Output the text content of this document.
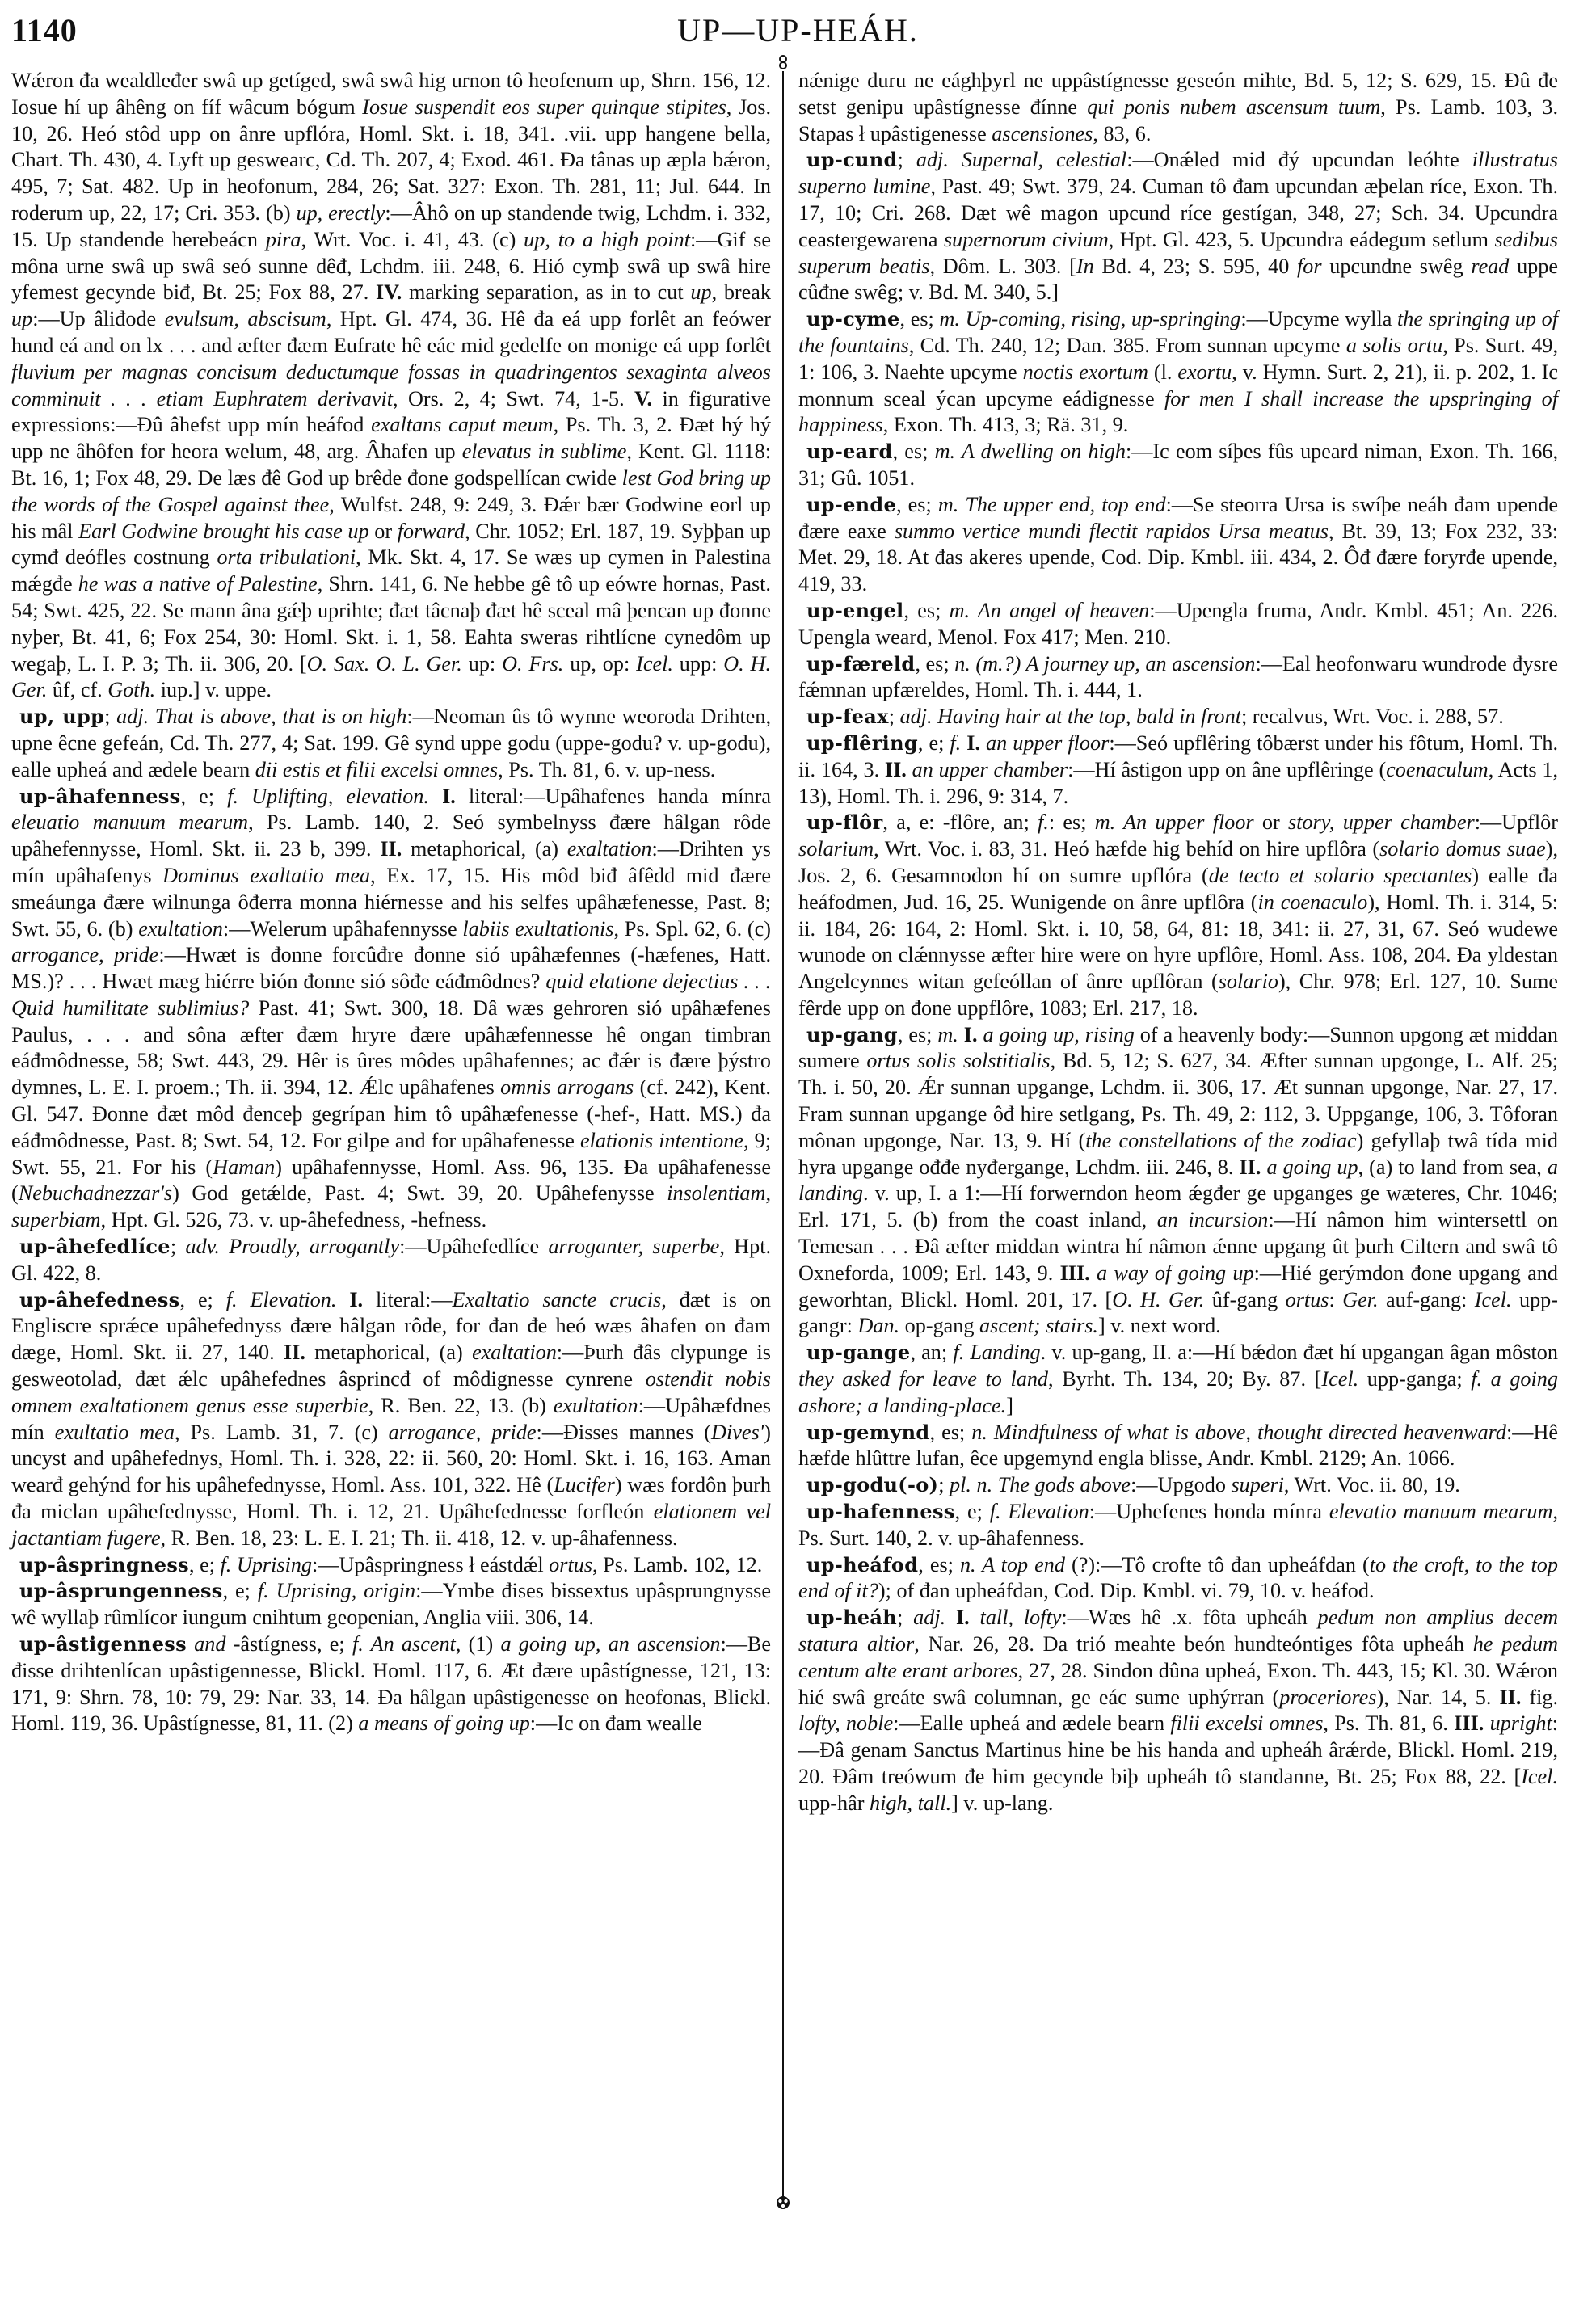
1140	UP—UP-HEÁH.

Wǽron đa wealdleđer swâ up getíged, swâ swâ hig urnon tô heofenum up, Shrn. 156, 12. Iosue hí up âhêng on fíf wâcum bógum Iosue suspendit eos super quinque stipites, Jos. 10, 26. Heó stôd upp on ânre upflóra, Homl. Skt. i. 18, 341. .vii. upp hangene bella, Chart. Th. 430, 4. Lyft up geswearc, Cd. Th. 207, 4; Exod. 461. Đa tânas up æpla bǽron, 495, 7; Sat. 482. Up in heofonum, 284, 26; Sat. 327: Exon. Th. 281, 11; Jul. 644. In roderum up, 22, 17; Cri. 353. (b) up, erectly:—Âhô on up standende twig, Lchdm. i. 332, 15. Up standende herebeácn pira, Wrt. Voc. i. 41, 43. (c) up, to a high point:—Gif se môna urne swâ up swâ seó sunne dêđ, Lchdm. iii. 248, 6. Hió cymþ swâ up swâ hire yfemest gecynde biđ, Bt. 25; Fox 88, 27. IV. marking separation, as in to cut up, break up:—Up âliđode evulsum, abscisum, Hpt. Gl. 474, 36. Hê đa eá upp forlêt an feówer hund eá and on lx . . . and æfter đæm Eufrate hê eác mid gedelfe on monige eá upp forlêt fluvium per magnas concisum deductumque fossas in quadringentos sexaginta alveos comminuit . . . etiam Euphratem derivavit, Ors. 2, 4; Swt. 74, 1-5. V. in figurative expressions:—Đû âhefst upp mín heáfod exaltans caput meum, Ps. Th. 3, 2. Đæt hý hý upp ne âhôfen for heora welum, 48, arg. Âhafen up elevatus in sublime, Kent. Gl. 1118: Bt. 16, 1; Fox 48, 29. Đe læs đê God up brêde đone godspellícan cwide lest God bring up the words of the Gospel against thee, Wulfst. 248, 9: 249, 3. Đǽr bær Godwine eorl up his mâl Earl Godwine brought his case up or forward, Chr. 1052; Erl. 187, 19. Syþþan up cymđ deófles costnung orta tribulationi, Mk. Skt. 4, 17. Se wæs up cymen in Palestina mǽgđe he was a native of Palestine, Shrn. 141, 6. Ne hebbe gê tô up eówre hornas, Past. 54; Swt. 425, 22. Se mann âna gǽþ uprihte; đæt tâcnaþ đæt hê sceal mâ þencan up đonne nyþer, Bt. 41, 6; Fox 254, 30: Homl. Skt. i. 1, 58. Eahta sweras rihtlícne cynedôm up wegaþ, L. I. P. 3; Th. ii. 306, 20. [O. Sax. O. L. Ger. up: O. Frs. up, op: Icel. upp: O. H. Ger. ûf, cf. Goth. iup.] v. uppe.

up, upp; adj. That is above, that is on high:—Neoman ûs tô wynne weoroda Drihten, upne êcne gefeán, Cd. Th. 277, 4; Sat. 199. Gê synd uppe godu (uppe-godu? v. up-godu), ealle upheá and ædele bearn dii estis et filii excelsi omnes, Ps. Th. 81, 6. v. up-ness.

up-âhafenness, e; f. Uplifting, elevation. I. literal:—Upâhafenes handa mínra eleuatio manuum mearum, Ps. Lamb. 140, 2. Seó symbelnyss đære hâlgan rôde upâhefennysse, Homl. Skt. ii. 23 b, 399. II. metaphorical, (a) exaltation:—Drihten ys mín upâhafenys Dominus exaltatio mea, Ex. 17, 15. His môd biđ âfêdd mid đære smeáunga đære wilnunga ôđerra monna hiérnesse and his selfes upâhæfenesse, Past. 8; Swt. 55, 6. (b) exultation:—Welerum upâhafennysse labiis exultationis, Ps. Spl. 62, 6. (c) arrogance, pride:—Hwæt is đonne forcûđre đonne sió upâhæfennes (-hæfenes, Hatt. MS.)? . . . Hwæt mæg hiérre bión đonne sió sôđe eáđmôdnes? quid elatione dejectius . . . Quid humilitate sublimius? Past. 41; Swt. 300, 18. Đâ wæs gehroren sió upâhæfenes Paulus, . . . and sôna æfter đæm hryre đære upâhæfennesse hê ongan timbran eáđmôdnesse, 58; Swt. 443, 29. Hêr is ûres môdes upâhafennes; ac đǽr is đære þýstro dymnes, L. E. I. proem.; Th. ii. 394, 12. Ǽlc upâhafenes omnis arrogans (cf. 242), Kent. Gl. 547. Đonne đæt môd đenceþ gegrípan him tô upâhæfenesse (-hef-, Hatt. MS.) đa eáđmôdnesse, Past. 8; Swt. 54, 12. For gilpe and for upâhafenesse elationis intentione, 9; Swt. 55, 21. For his (Haman) upâhafennysse, Homl. Ass. 96, 135. Đa upâhafenesse (Nebuchadnezzar's) God getǽlde, Past. 4; Swt. 39, 20. Upâhefenysse insolentiam, superbiam, Hpt. Gl. 526, 73. v. up-âhefedness, -hefness.

up-âhefedlíce; adv. Proudly, arrogantly:—Upâhefedlíce arroganter, superbe, Hpt. Gl. 422, 8.

up-âhefedness, e; f. Elevation. I. literal:—Exaltatio sancte crucis, đæt is on Engliscre sprǽce upâhefednyss đære hâlgan rôde, for đan đe heó wæs âhafen on đam dæge, Homl. Skt. ii. 27, 140. II. metaphorical, (a) exaltation:—Þurh đâs clypunge is gesweotolad, đæt ǽlc upâhefednes âsprincđ of môdignesse cynrene ostendit nobis omnem exaltationem genus esse superbie, R. Ben. 22, 13. (b) exultation:—Upâhæfdnes mín exultatio mea, Ps. Lamb. 31, 7. (c) arrogance, pride:—Đisses mannes (Dives') uncyst and upâhefednys, Homl. Th. i. 328, 22: ii. 560, 20: Homl. Skt. i. 16, 163. Aman wearđ gehýnd for his upâhefednysse, Homl. Ass. 101, 322. Hê (Lucifer) wæs fordôn þurh đa miclan upâhefednysse, Homl. Th. i. 12, 21. Upâhefednesse forfleón elationem vel jactantiam fugere, R. Ben. 18, 23: L. E. I. 21; Th. ii. 418, 12. v. up-âhafenness.

up-âspringness, e; f. Uprising:—Upâspringness ł eástdǽl ortus, Ps. Lamb. 102, 12.

up-âsprungenness, e; f. Uprising, origin:—Ymbe đises bissextus upâsprungnysse wê wyllaþ rûmlícor iungum cnihtum geopenian, Anglia viii. 306, 14.

up-âstigenness and -âstígness, e; f. An ascent, (1) a going up, an ascension:—Be đisse drihtenlícan upâstigennesse, Blickl. Homl. 117, 6. Æt đære upâstígnesse, 121, 13: 171, 9: Shrn. 78, 10: 79, 29: Nar. 33, 14. Đa hâlgan upâstigenesse on heofonas, Blickl. Homl. 119, 36. Upâstígnesse, 81, 11. (2) a means of going up:—Ic on đam wealle

nǽnige duru ne eághþyrl ne uppâstígnesse geseón mihte, Bd. 5, 12; S. 629, 15. Đû đe setst genipu upâstígnesse đínne qui ponis nubem ascensum tuum, Ps. Lamb. 103, 3. Stapas ł upâstigenesse ascensiones, 83, 6.

up-cund; adj. Supernal, celestial:—Onǽled mid đý upcundan leóhte illustratus superno lumine, Past. 49; Swt. 379, 24. Cuman tô đam upcundan æþelan ríce, Exon. Th. 17, 10; Cri. 268. Đæt wê magon upcund ríce gestígan, 348, 27; Sch. 34. Upcundra ceastergewarena supernorum civium, Hpt. Gl. 423, 5. Upcundra eádegum setlum sedibus superum beatis, Dôm. L. 303. [In Bd. 4, 23; S. 595, 40 for upcundne swêg read uppe cûđne swêg; v. Bd. M. 340, 5.]

up-cyme, es; m. Up-coming, rising, up-springing:—Upcyme wylla the springing up of the fountains, Cd. Th. 240, 12; Dan. 385. From sunnan upcyme a solis ortu, Ps. Surt. 49, 1: 106, 3. Naehte upcyme noctis exortum (l. exortu, v. Hymn. Surt. 2, 21), ii. p. 202, 1. Ic monnum sceal ýcan upcyme eádignesse for men I shall increase the upspringing of happiness, Exon. Th. 413, 3; Rä. 31, 9.

up-eard, es; m. A dwelling on high:—Ic eom síþes fûs upeard niman, Exon. Th. 166, 31; Gû. 1051.

up-ende, es; m. The upper end, top end:—Se steorra Ursa is swíþe neáh đam upende đære eaxe summo vertice mundi flectit rapidos Ursa meatus, Bt. 39, 13; Fox 232, 33: Met. 29, 18. At đas akeres upende, Cod. Dip. Kmbl. iii. 434, 2. Ôđ đære foryrđe upende, 419, 33.

up-engel, es; m. An angel of heaven:—Upengla fruma, Andr. Kmbl. 451; An. 226. Upengla weard, Menol. Fox 417; Men. 210.

up-færeld, es; n. (m.?) A journey up, an ascension:—Eal heofonwaru wundrode đysre fǽmnan upfæreldes, Homl. Th. i. 444, 1.

up-feax; adj. Having hair at the top, bald in front; recalvus, Wrt. Voc. i. 288, 57.

up-flêring, e; f. I. an upper floor:—Seó upflêring tôbærst under his fôtum, Homl. Th. ii. 164, 3. II. an upper chamber:—Hí âstigon upp on âne upflêringe (coenaculum, Acts 1, 13), Homl. Th. i. 296, 9: 314, 7.

up-flôr, a, e: -flôre, an; f.: es; m. An upper floor or story, upper chamber:—Upflôr solarium, Wrt. Voc. i. 83, 31. Heó hæfde hig behíd on hire upflôra (solario domus suae), Jos. 2, 6. Gesamnodon hí on sumre upflóra (de tecto et solario spectantes) ealle đa heáfodmen, Jud. 16, 25. Wunigende on ânre upflôra (in coenaculo), Homl. Th. i. 314, 5: ii. 184, 26: 164, 2: Homl. Skt. i. 10, 58, 64, 81: 18, 341: ii. 27, 31, 67. Seó wudewe wunode on clǽnnysse æfter hire were on hyre upflôre, Homl. Ass. 108, 204. Đa yldestan Angelcynnes witan gefeóllan of ânre upflôran (solario), Chr. 978; Erl. 127, 10. Sume fêrde upp on đone uppflôre, 1083; Erl. 217, 18.

up-gang, es; m. I. a going up, rising of a heavenly body:—Sunnon upgong æt middan sumere ortus solis solstitialis, Bd. 5, 12; S. 627, 34. Æfter sunnan upgonge, L. Alf. 25; Th. i. 50, 20. Ǽr sunnan upgange, Lchdm. ii. 306, 17. Æt sunnan upgonge, Nar. 27, 17. Fram sunnan upgange ôđ hire setlgang, Ps. Th. 49, 2: 112, 3. Uppgange, 106, 3. Tôforan mônan upgonge, Nar. 13, 9. Hí (the constellations of the zodiac) gefyllaþ twâ tída mid hyra upgange ođđe nyđergange, Lchdm. iii. 246, 8. II. a going up, (a) to land from sea, a landing. v. up, I. a 1:—Hí forwerndon heom ǽgđer ge upganges ge wæteres, Chr. 1046; Erl. 171, 5. (b) from the coast inland, an incursion:—Hí nâmon him wintersettl on Temesan . . . Đâ æfter middan wintra hí nâmon ǽnne upgang ût þurh Ciltern and swâ tô Oxneforda, 1009; Erl. 143, 9. III. a way of going up:—Hié gerýmdon đone upgang and geworhtan, Blickl. Homl. 201, 17. [O. H. Ger. ûf-gang ortus: Ger. auf-gang: Icel. upp-gangr: Dan. op-gang ascent; stairs.] v. next word.

up-gange, an; f. Landing. v. up-gang, II. a:—Hí bǽdon đæt hí upgangan âgan môston they asked for leave to land, Byrht. Th. 134, 20; By. 87. [Icel. upp-ganga; f. a going ashore; a landing-place.]

up-gemynd, es; n. Mindfulness of what is above, thought directed heavenward:—Hê hæfde hlûttre lufan, êce upgemynd engla blisse, Andr. Kmbl. 2129; An. 1066.

up-godu(-o); pl. n. The gods above:—Upgodo superi, Wrt. Voc. ii. 80, 19.

up-hafenness, e; f. Elevation:—Uphefenes honda mínra elevatio manuum mearum, Ps. Surt. 140, 2. v. up-âhafenness.

up-heáfod, es; n. A top end (?):—Tô crofte tô đan upheáfdan (to the croft, to the top end of it?); of đan upheáfdan, Cod. Dip. Kmbl. vi. 79, 10. v. heáfod.

up-heáh; adj. I. tall, lofty:—Wæs hê .x. fôta upheáh pedum non amplius decem statura altior, Nar. 26, 28. Đa trió meahte beón hundteóntiges fôta upheáh he pedum centum alte erant arbores, 27, 28. Sindon dûna upheá, Exon. Th. 443, 15; Kl. 30. Wǽron hié swâ greáte swâ columnan, ge eác sume uphýrran (proceriores), Nar. 14, 5. II. fig. lofty, noble:—Ealle upheá and ædele bearn filii excelsi omnes, Ps. Th. 81, 6. III. upright:—Đâ genam Sanctus Martinus hine be his handa and upheáh ârǽrde, Blickl. Homl. 219, 20. Đâm treówum đe him gecynde biþ upheáh tô standanne, Bt. 25; Fox 88, 22. [Icel. upp-hâr high, tall.] v. up-lang.
